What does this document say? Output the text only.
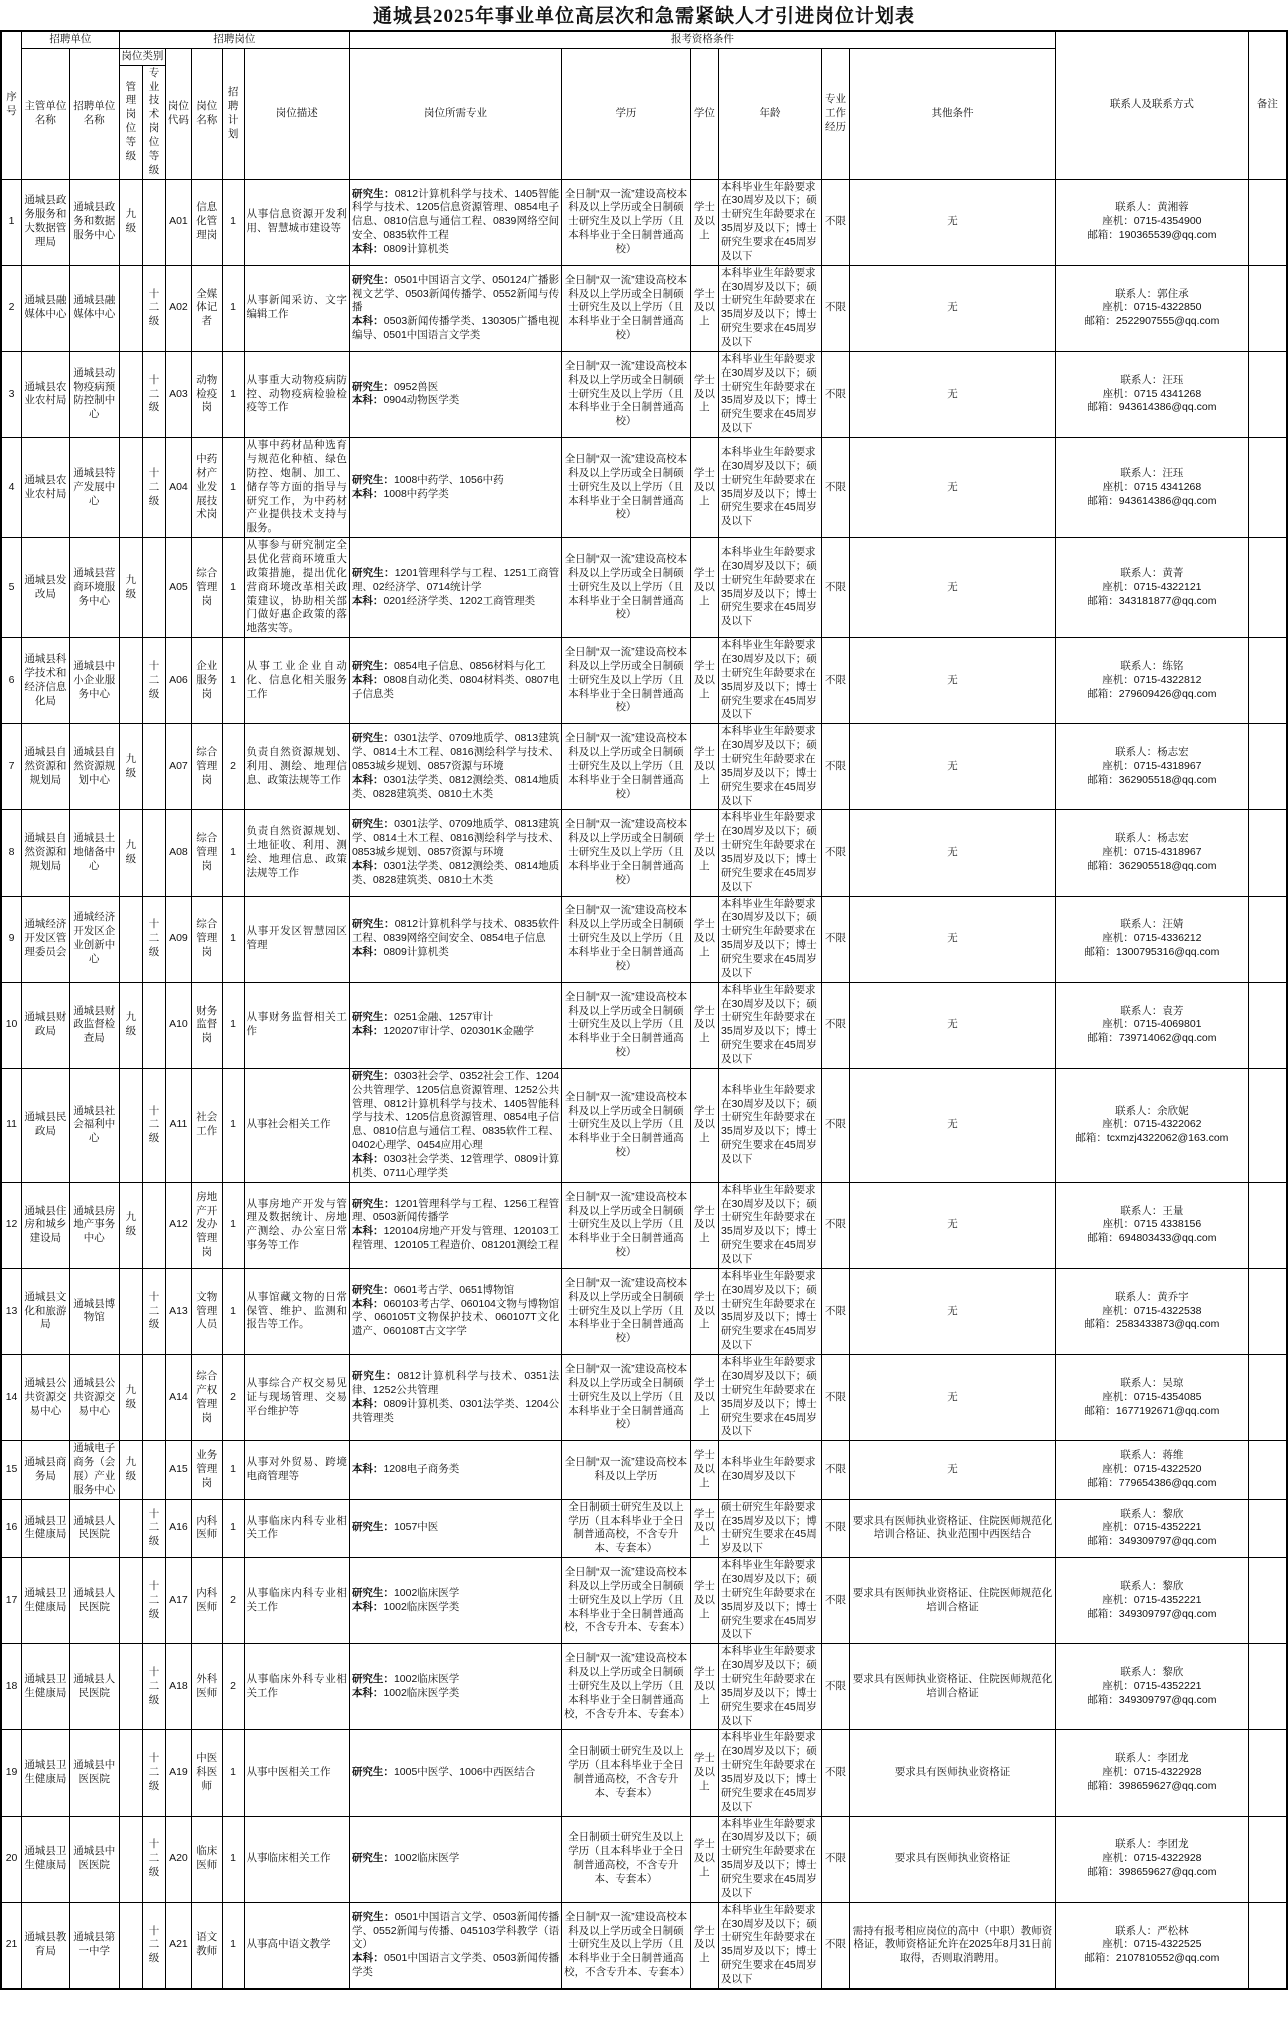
通城县2025年事业单位高层次和急需紧缺人才引进岗位计划表
序号	招聘单位		招聘岗位						报考资格条件						联系人及联系方式	备注
	主管单位名称	招聘单位名称	岗位类别		岗位代码	岗位名称	招聘计划	岗位描述	岗位所需专业	学历	学位	年龄	专业工作经历	其他条件		
			管理岗位等级	专业技术岗位等级												
1	通城县政务服务和大数据管理局	通城县政务和数据服务中心	九级		A01	信息化管理岗	1	从事信息资源开发利用、智慧城市建设等	
研究生：0812计算机科学与技术、1405智能科学与技术、1205信息资源管理、0854电子信息、0810信息与通信工程、0839网络空间安全、0835软件工程
本科：0809计算机类
	全日制“双一流”建设高校本科及以上学历或全日制硕士研究生及以上学历（且本科毕业于全日制普通高校）	学士及以上	本科毕业生年龄要求在30周岁及以下；硕士研究生年龄要求在35周岁及以下；博士研究生要求在45周岁及以下	不限	无	
联系人：黄湘蓉
座机：0715-4354900
邮箱：190365539@qq.com

2	通城县融媒体中心	通城县融媒体中心		十二级	A02	全媒体记者	1	从事新闻采访、文字编辑工作	
研究生：0501中国语言文学、050124广播影视文艺学、0503新闻传播学、0552新闻与传播
本科：0503新闻传播学类、130305广播电视编导、0501中国语言文学类
	全日制“双一流”建设高校本科及以上学历或全日制硕士研究生及以上学历（且本科毕业于全日制普通高校）	学士及以上	本科毕业生年龄要求在30周岁及以下；硕士研究生年龄要求在35周岁及以下；博士研究生要求在45周岁及以下	不限	无	
联系人：郭住承
座机：0715-4322850
邮箱：2522907555@qq.com

3	通城县农业农村局	通城县动物疫病预防控制中心		十二级	A03	动物检疫岗	1	从事重大动物疫病防控、动物疫病检验检疫等工作	
研究生：0952兽医
本科：0904动物医学类
	全日制“双一流”建设高校本科及以上学历或全日制硕士研究生及以上学历（且本科毕业于全日制普通高校）	学士及以上	本科毕业生年龄要求在30周岁及以下；硕士研究生年龄要求在35周岁及以下；博士研究生要求在45周岁及以下	不限	无	
联系人：汪珏
座机：0715 4341268
邮箱：943614386@qq.com

4	通城县农业农村局	通城县特产发展中心		十二级	A04	中药材产业发展技术岗	1	从事中药材品种选育与规范化种植、绿色防控、炮制、加工、储存等方面的指导与研究工作，为中药材产业提供技术支持与服务。	
研究生：1008中药学、1056中药
本科：1008中药学类
	全日制“双一流”建设高校本科及以上学历或全日制硕士研究生及以上学历（且本科毕业于全日制普通高校）	学士及以上	本科毕业生年龄要求在30周岁及以下；硕士研究生年龄要求在35周岁及以下；博士研究生要求在45周岁及以下	不限	无	
联系人：汪珏
座机：0715 4341268
邮箱：943614386@qq.com

5	通城县发改局	通城县营商环境服务中心	九级		A05	综合管理岗	1	从事参与研究制定全县优化营商环境重大政策措施，提出优化营商环境改革相关政策建议，协助相关部门做好惠企政策的落地落实等。	
研究生：1201管理科学与工程、1251工商管理、02经济学、0714统计学
本科：0201经济学类、1202工商管理类
	全日制“双一流”建设高校本科及以上学历或全日制硕士研究生及以上学历（且本科毕业于全日制普通高校）	学士及以上	本科毕业生年龄要求在30周岁及以下；硕士研究生年龄要求在35周岁及以下；博士研究生要求在45周岁及以下	不限	无	
联系人：黄菁
座机：0715-4322121
邮箱：343181877@qq.com

6	通城县科学技术和经济信息化局	通城县中小企业服务中心		十二级	A06	企业服务岗	1	从事工业企业自动化、信息化相关服务工作	
研究生：0854电子信息、0856材料与化工
本科：0808自动化类、0804材料类、0807电子信息类
	全日制“双一流”建设高校本科及以上学历或全日制硕士研究生及以上学历（且本科毕业于全日制普通高校）	学士及以上	本科毕业生年龄要求在30周岁及以下；硕士研究生年龄要求在35周岁及以下；博士研究生要求在45周岁及以下	不限	无	
联系人：练铭
座机：0715-4322812
邮箱：279609426@qq.com

7	通城县自然资源和规划局	通城县自然资源规划中心	九级		A07	综合管理岗	2	负责自然资源规划、利用、测绘、地理信息、政策法规等工作	
研究生：0301法学、0709地质学、0813建筑学、0814土木工程、0816测绘科学与技术、0853城乡规划、0857资源与环境
本科：0301法学类、0812测绘类、0814地质类、0828建筑类、0810土木类
	全日制“双一流”建设高校本科及以上学历或全日制硕士研究生及以上学历（且本科毕业于全日制普通高校）	学士及以上	本科毕业生年龄要求在30周岁及以下；硕士研究生年龄要求在35周岁及以下；博士研究生要求在45周岁及以下	不限	无	
联系人：杨志宏
座机：0715-4318967
邮箱：362905518@qq.com

8	通城县自然资源和规划局	通城县土地储备中心	九级		A08	综合管理岗	1	负责自然资源规划、土地征收、利用、测绘、地理信息、政策法规等工作	
研究生：0301法学、0709地质学、0813建筑学、0814土木工程、0816测绘科学与技术、0853城乡规划、0857资源与环境
本科：0301法学类、0812测绘类、0814地质类、0828建筑类、0810土木类
	全日制“双一流”建设高校本科及以上学历或全日制硕士研究生及以上学历（且本科毕业于全日制普通高校）	学士及以上	本科毕业生年龄要求在30周岁及以下；硕士研究生年龄要求在35周岁及以下；博士研究生要求在45周岁及以下	不限	无	
联系人：杨志宏
座机：0715-4318967
邮箱：362905518@qq.com

9	通城经济开发区管理委员会	通城经济开发区企业创新中心		十二级	A09	综合管理岗	1	从事开发区智慧园区管理	
研究生：0812计算机科学与技术、0835软件工程、0839网络空间安全、0854电子信息
本科：0809计算机类
	全日制“双一流”建设高校本科及以上学历或全日制硕士研究生及以上学历（且本科毕业于全日制普通高校）	学士及以上	本科毕业生年龄要求在30周岁及以下；硕士研究生年龄要求在35周岁及以下；博士研究生要求在45周岁及以下	不限	无	
联系人：汪婧
座机：0715-4336212
邮箱：1300795316@qq.com

10	通城县财政局	通城县财政监督检查局	九级		A10	财务监督岗	1	从事财务监督相关工作	
研究生：0251金融、1257审计
本科：120207审计学、020301K金融学
	全日制“双一流”建设高校本科及以上学历或全日制硕士研究生及以上学历（且本科毕业于全日制普通高校）	学士及以上	本科毕业生年龄要求在30周岁及以下；硕士研究生年龄要求在35周岁及以下；博士研究生要求在45周岁及以下	不限	无	
联系人：袁芳
座机：0715-4069801
邮箱：739714062@qq.com

11	通城县民政局	通城县社会福利中心		十二级	A11	社会工作	1	从事社会相关工作	
研究生：0303社会学、0352社会工作、1204公共管理学、1205信息资源管理、1252公共管理、0812计算机科学与技术、1405智能科学与技术、1205信息资源管理、0854电子信息、0810信息与通信工程、0835软件工程、0402心理学、0454应用心理
本科：0303社会学类、12管理学、0809计算机类、0711心理学类
	全日制“双一流”建设高校本科及以上学历或全日制硕士研究生及以上学历（且本科毕业于全日制普通高校）	学士及以上	本科毕业生年龄要求在30周岁及以下；硕士研究生年龄要求在35周岁及以下；博士研究生要求在45周岁及以下	不限	无	
联系人：余欣妮
座机：0715-4322062
邮箱：tcxmzj4322062@163.com

12	通城县住房和城乡建设局	通城县房地产事务中心	九级		A12	房地产开发办管理岗	1	从事房地产开发与管理及数据统计、房地产测绘、办公室日常事务等工作	
研究生：1201管理科学与工程、1256工程管理、0503新闻传播学
本科：120104房地产开发与管理、120103工程管理、120105工程造价、081201测绘工程
	全日制“双一流”建设高校本科及以上学历或全日制硕士研究生及以上学历（且本科毕业于全日制普通高校）	学士及以上	本科毕业生年龄要求在30周岁及以下；硕士研究生年龄要求在35周岁及以下；博士研究生要求在45周岁及以下	不限	无	
联系人：王量
座机：0715 4338156
邮箱：694803433@qq.com

13	通城县文化和旅游局	通城县博物馆		十二级	A13	文物管理人员	1	从事馆藏文物的日常保管、维护、监测和报告等工作。	
研究生：0601考古学、0651博物馆
本科：060103考古学、060104文物与博物馆学、060105T文物保护技术、060107T文化遗产、060108T古文字学
	全日制“双一流”建设高校本科及以上学历或全日制硕士研究生及以上学历（且本科毕业于全日制普通高校）	学士及以上	本科毕业生年龄要求在30周岁及以下；硕士研究生年龄要求在35周岁及以下；博士研究生要求在45周岁及以下	不限	无	
联系人：黄乔宇
座机：0715-4322538
邮箱：2583433873@qq.com

14	通城县公共资源交易中心	通城县公共资源交易中心	九级		A14	综合产权管理岗	2	从事综合产权交易见证与现场管理、交易平台维护等	
研究生：0812计算机科学与技术、0351法律、1252公共管理
本科：0809计算机类、0301法学类、1204公共管理类
	全日制“双一流”建设高校本科及以上学历或全日制硕士研究生及以上学历（且本科毕业于全日制普通高校）	学士及以上	本科毕业生年龄要求在30周岁及以下；硕士研究生年龄要求在35周岁及以下；博士研究生要求在45周岁及以下	不限	无	
联系人：吴琼
座机：0715-4354085
邮箱：1677192671@qq.com

15	通城县商务局	通城电子商务（会展）产业服务中心	九级		A15	业务管理岗	1	从事对外贸易、跨境电商管理等	本科：1208电子商务类	全日制“双一流”建设高校本科及以上学历	学士及以上	本科毕业生年龄要求在30周岁及以下	不限	无	联系人：蒋维
座机：0715-4322520
邮箱：779654386@qq.com	

16	通城县卫生健康局	通城县人民医院		十二级	A16	内科医师	1	从事临床内科专业相关工作	研究生：1057中医	全日制硕士研究生及以上学历（且本科毕业于全日制普通高校，不含专升本、专套本）	学士及以上	硕士研究生年龄要求在35周岁及以下；博士研究生要求在45周岁及以下	不限	要求具有医师执业资格证、住院医师规范化培训合格证、执业范围中西医结合	联系人：黎欣
座机：0715-4352221
邮箱：349309797@qq.com	

17	通城县卫生健康局	通城县人民医院		十二级	A17	内科医师	2	从事临床内科专业相关工作	
研究生：1002临床医学
本科：1002临床医学类
	全日制“双一流”建设高校本科及以上学历或全日制硕士研究生及以上学历（且本科毕业于全日制普通高校，不含专升本、专套本）	学士及以上	本科毕业生年龄要求在30周岁及以下；硕士研究生年龄要求在35周岁及以下；博士研究生要求在45周岁及以下	不限	要求具有医师执业资格证、住院医师规范化培训合格证	
联系人：黎欣
座机：0715-4352221
邮箱：349309797@qq.com

18	通城县卫生健康局	通城县人民医院		十二级	A18	外科医师	2	从事临床外科专业相关工作	
研究生：1002临床医学
本科：1002临床医学类
	全日制“双一流”建设高校本科及以上学历或全日制硕士研究生及以上学历（且本科毕业于全日制普通高校，不含专升本、专套本）	学士及以上	本科毕业生年龄要求在30周岁及以下；硕士研究生年龄要求在35周岁及以下；博士研究生要求在45周岁及以下	不限	要求具有医师执业资格证、住院医师规范化培训合格证	
联系人：黎欣
座机：0715-4352221
邮箱：349309797@qq.com

19	通城县卫生健康局	通城县中医医院		十二级	A19	中医科医师	1	从事中医相关工作	研究生：1005中医学、1006中西医结合	全日制硕士研究生及以上学历（且本科毕业于全日制普通高校，不含专升本、专套本）	学士及以上	本科毕业生年龄要求在30周岁及以下；硕士研究生年龄要求在35周岁及以下；博士研究生要求在45周岁及以下	不限	要求具有医师执业资格证	联系人：李团龙
座机：0715-4322928
邮箱：398659627@qq.com	

20	通城县卫生健康局	通城县中医医院		十二级	A20	临床医师	1	从事临床相关工作	研究生：1002临床医学	全日制硕士研究生及以上学历（且本科毕业于全日制普通高校，不含专升本、专套本）	学士及以上	本科毕业生年龄要求在30周岁及以下；硕士研究生年龄要求在35周岁及以下；博士研究生要求在45周岁及以下	不限	要求具有医师执业资格证	联系人：李团龙
座机：0715-4322928
邮箱：398659627@qq.com	

21	通城县教育局	通城县第一中学		十二级	A21	语文教师	1	从事高中语文教学	
研究生：0501中国语言文学、0503新闻传播学、0552新闻与传播、045103学科教学（语文）
本科：0501中国语言文学类、0503新闻传播学类
	全日制“双一流”建设高校本科及以上学历或全日制硕士研究生及以上学历（且本科毕业于全日制普通高校，不含专升本、专套本）	学士及以上	本科毕业生年龄要求在30周岁及以下；硕士研究生年龄要求在35周岁及以下；博士研究生要求在45周岁及以下	不限	需持有报考相应岗位的高中（中职）教师资格证，教师资格证允许在2025年8月31日前取得，否则取消聘用。	
联系人：严松林
座机：0715-4322525
邮箱：2107810552@qq.com
